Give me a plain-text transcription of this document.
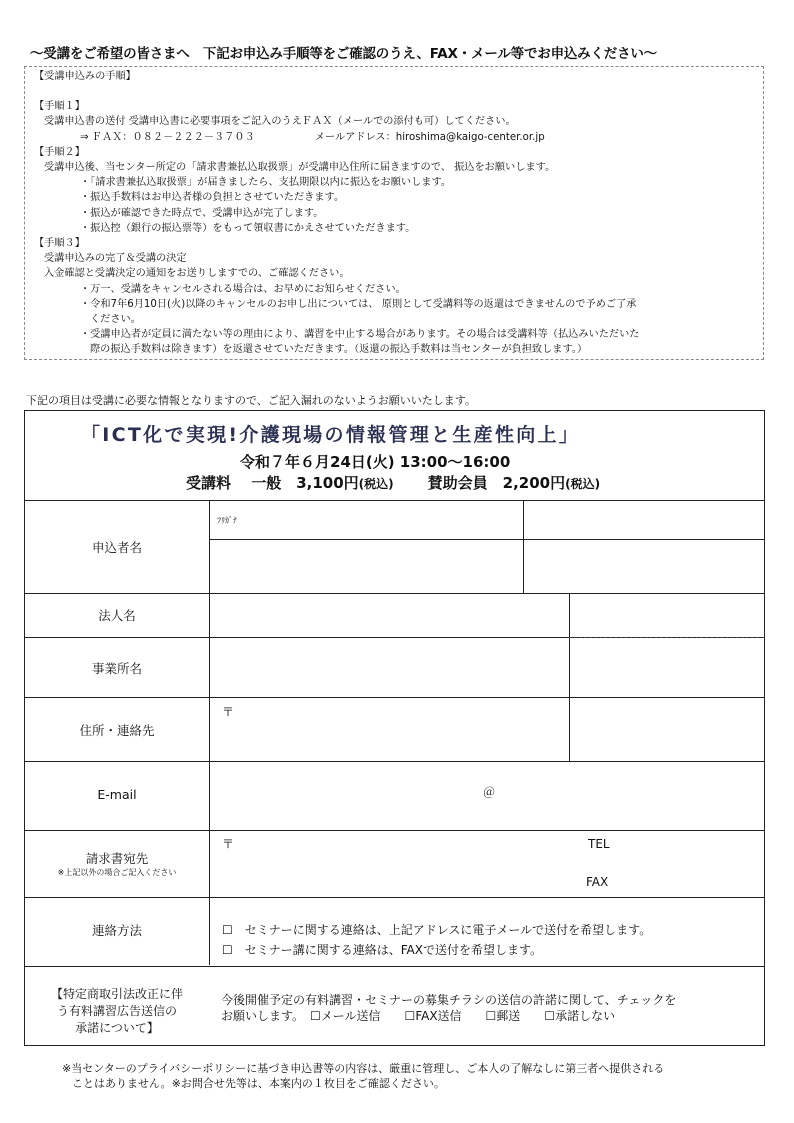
～受講をご希望の皆さまへ　下記お申込み手順等をご確認のうえ、FAX・メール等でお申込みください～
【受講申込みの手順】
【手順１】
受講申込書の送付 受講申込書に必要事項をご記入のうえＦＡＸ（メールでの添付も可）してください。
⇒ ＦＡＸ：０８２－２２２－３７０３	メールアドレス：hiroshima@kaigo-center.or.jp
【手順２】
受講申込後、当センター所定の「請求書兼払込取扱票」が受講申込住所に届きますので、 振込をお願いします。
・「請求書兼払込取扱票」が届きましたら、支払期限以内に振込をお願いします。
・振込手数料はお申込者様の負担とさせていただきます。
・振込が確認できた時点で、受講申込が完了します。
・振込控（銀行の振込票等）をもって領収書にかえさせていただきます。
【手順３】
受講申込みの完了＆受講の決定
入金確認と受講決定の通知をお送りしますでの、ご確認ください。
・万一、受講をキャンセルされる場合は、お早めにお知らせください。
・令和7年6月10日(火)以降のキャンセルのお申し出については、 原則として受講料等の返還はできませんので予めご了承
ください。
・受講申込者が定員に満たない等の理由により、講習を中止する場合があります。その場合は受講料等（払込みいただいた
際の振込手数料は除きます）を返還させていただきます。（返還の振込手数料は当センターが負担致します。）
下記の項目は受講に必要な情報となりますので、ご記入漏れのないようお願いいたします。
「ICT化で実現!介護現場の情報管理と生産性向上」
令和７年６月24日(火) 13:00～16:00
受講料　 一般　3,100円(税込) 賛助会員　2,200円(税込)
申込者名
ﾌﾘｶﾞﾅ
法人名
事業所名
住所・連絡先
〒
E-mail	＠
請求書宛先
※上記以外の場合ご記入ください
〒	TEL
FAX
連絡方法	☐　セミナーに関する連絡は、上記アドレスに電子メールで送付を希望します。
☐　セミナー講に関する連絡は、FAXで送付を希望します。
【特定商取引法改正に伴
う有料講習広告送信の
承諾について】
今後開催予定の有料講習・セミナーの募集チラシの送信の許諾に関して、チェックを
お願いします。　☐メール送信　　☐FAX送信　　☐郵送　　☐承諾しない
※当センターのプライバシーポリシーに基づき申込書等の内容は、厳重に管理し、ご本人の了解なしに第三者へ提供される
ことはありません。※お問合せ先等は、本案内の１枚目をご確認ください。
